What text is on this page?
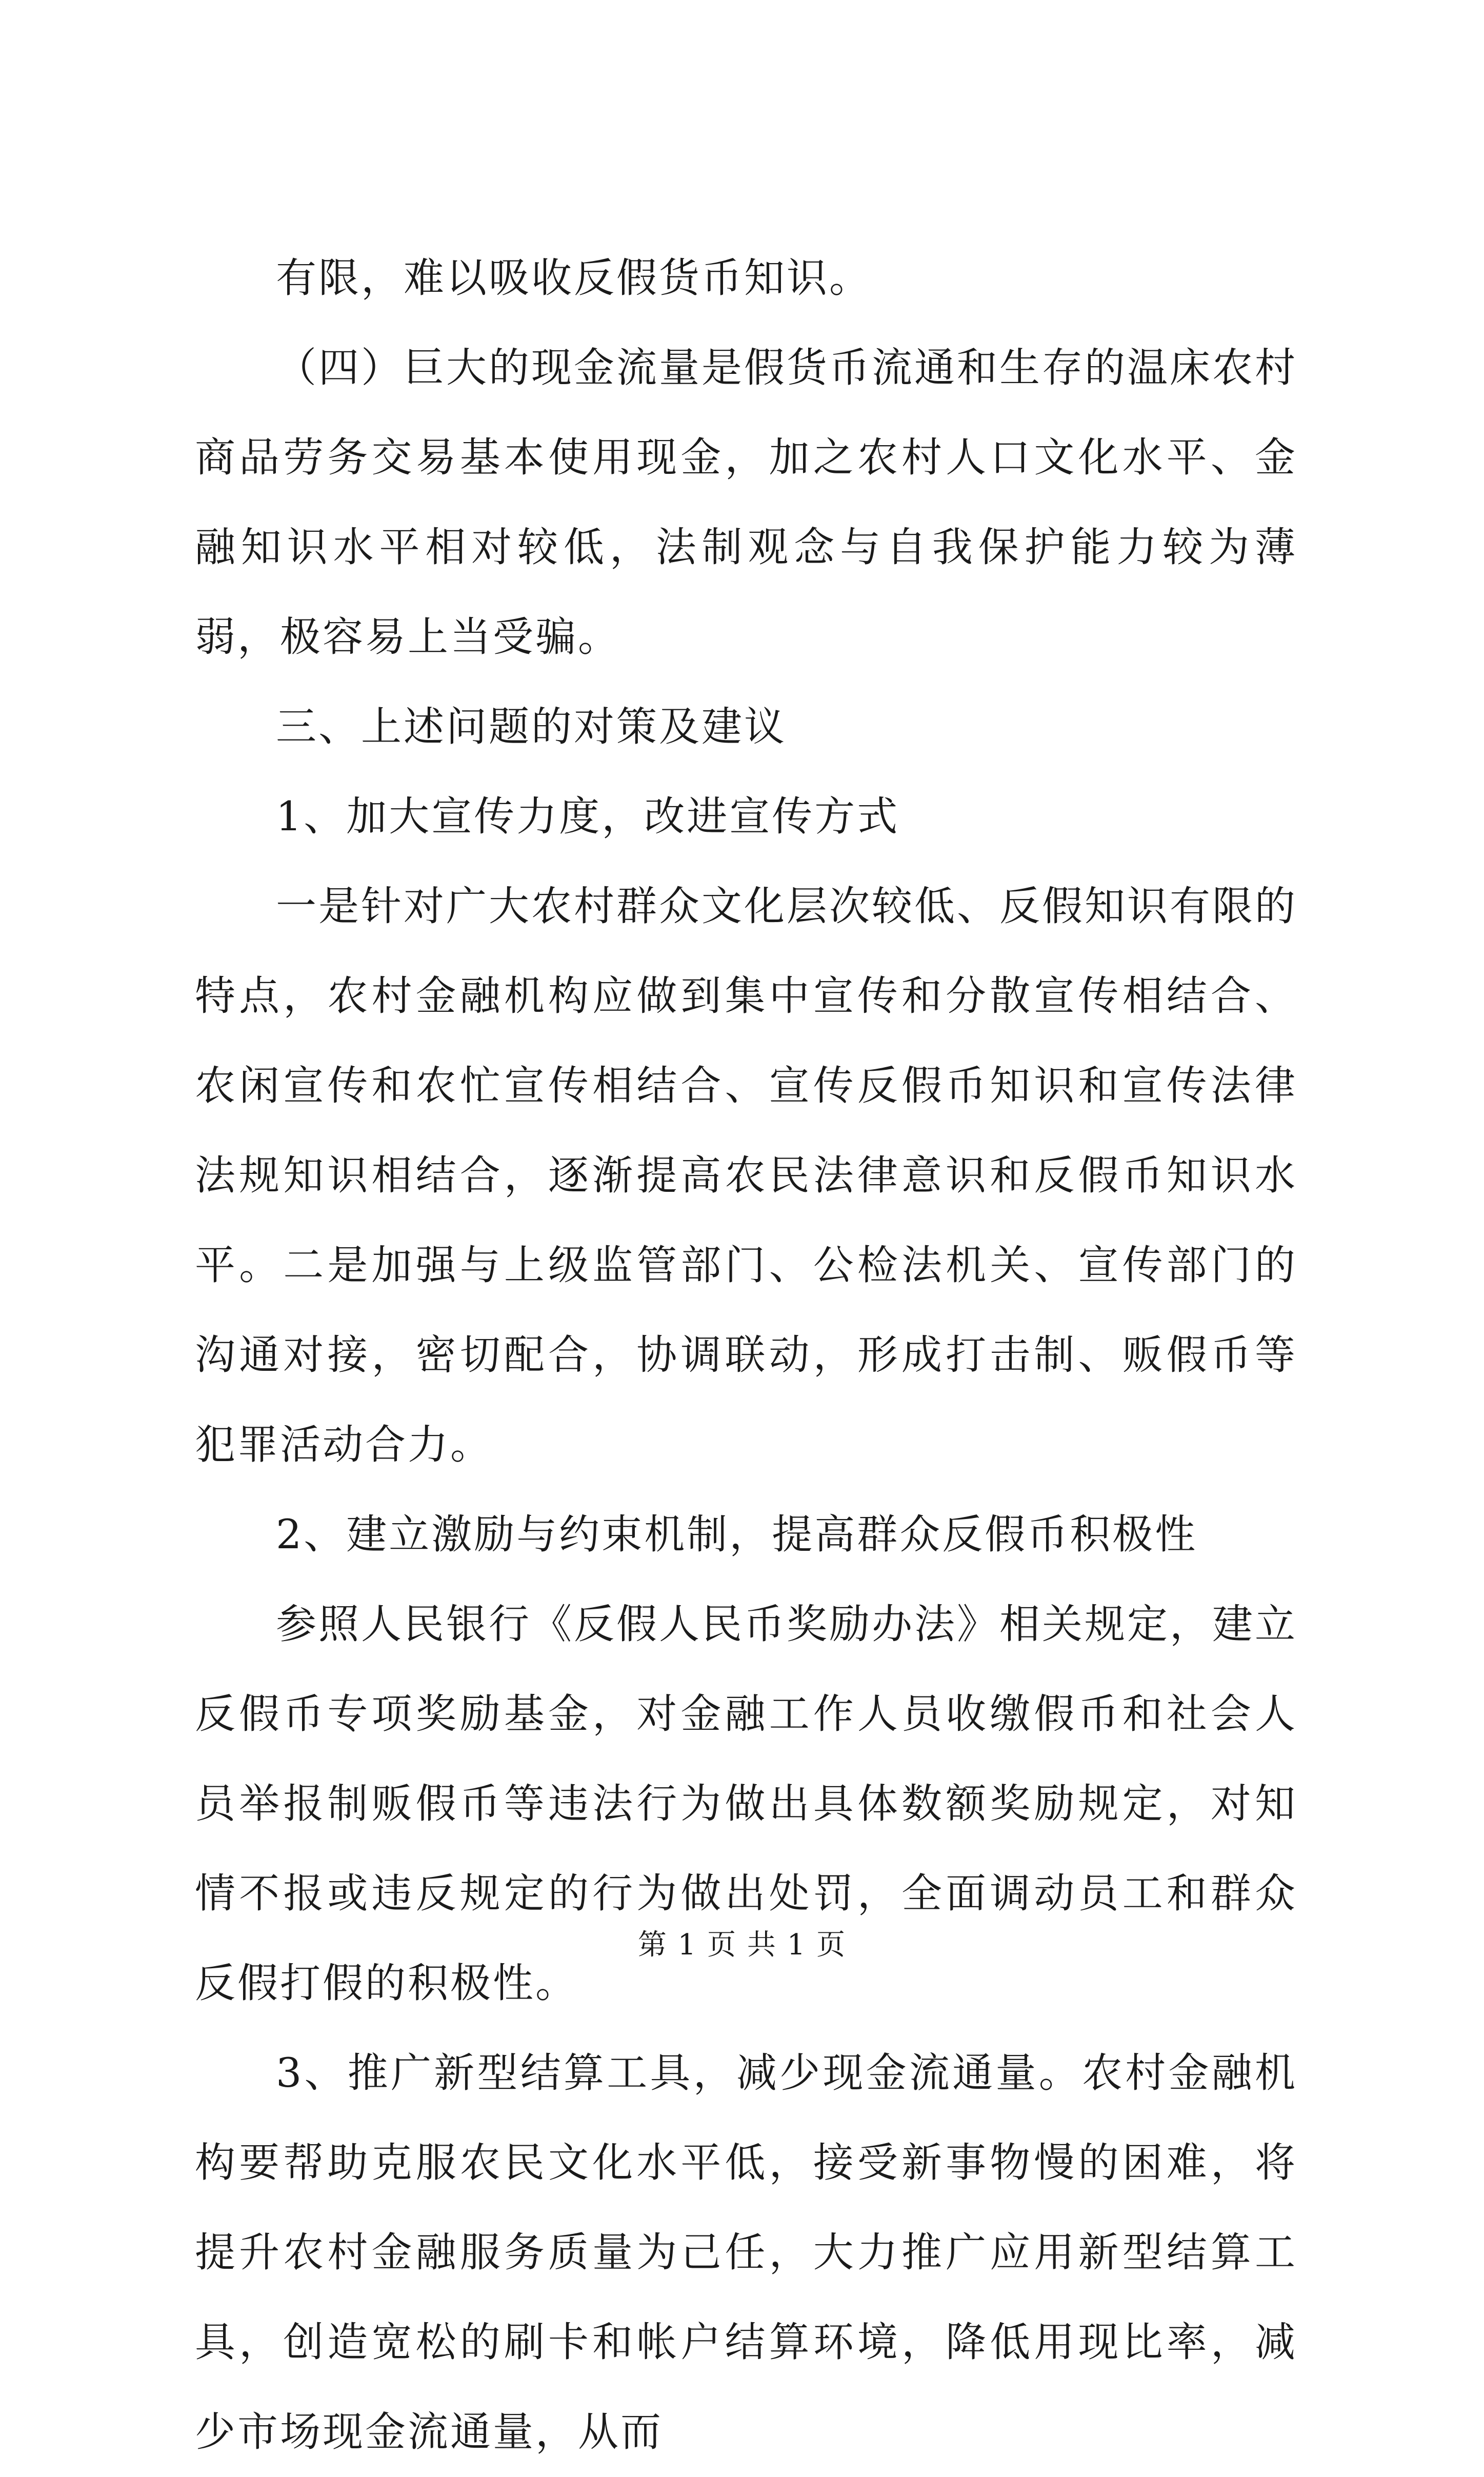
有限，难以吸收反假货币知识。

（四）巨大的现金流量是假货币流通和生存的温床农村商品劳务交易基本使用现金，加之农村人口文化水平、金融知识水平相对较低，法制观念与自我保护能力较为薄弱，极容易上当受骗。

三、上述问题的对策及建议

1、加大宣传力度，改进宣传方式

一是针对广大农村群众文化层次较低、反假知识有限的特点，农村金融机构应做到集中宣传和分散宣传相结合、农闲宣传和农忙宣传相结合、宣传反假币知识和宣传法律法规知识相结合，逐渐提高农民法律意识和反假币知识水平。二是加强与上级监管部门、公检法机关、宣传部门的沟通对接，密切配合，协调联动，形成打击制、贩假币等犯罪活动合力。

2、建立激励与约束机制，提高群众反假币积极性

参照人民银行《反假人民币奖励办法》相关规定，建立反假币专项奖励基金，对金融工作人员收缴假币和社会人员举报制贩假币等违法行为做出具体数额奖励规定，对知情不报或违反规定的行为做出处罚，全面调动员工和群众反假打假的积极性。

3、推广新型结算工具，减少现金流通量。农村金融机构要帮助克服农民文化水平低，接受新事物慢的困难，将提升农村金融服务质量为己任，大力推广应用新型结算工具，创造宽松的刷卡和帐户结算环境，降低用现比率，减少市场现金流通量，从而

第 1 页 共 1 页
